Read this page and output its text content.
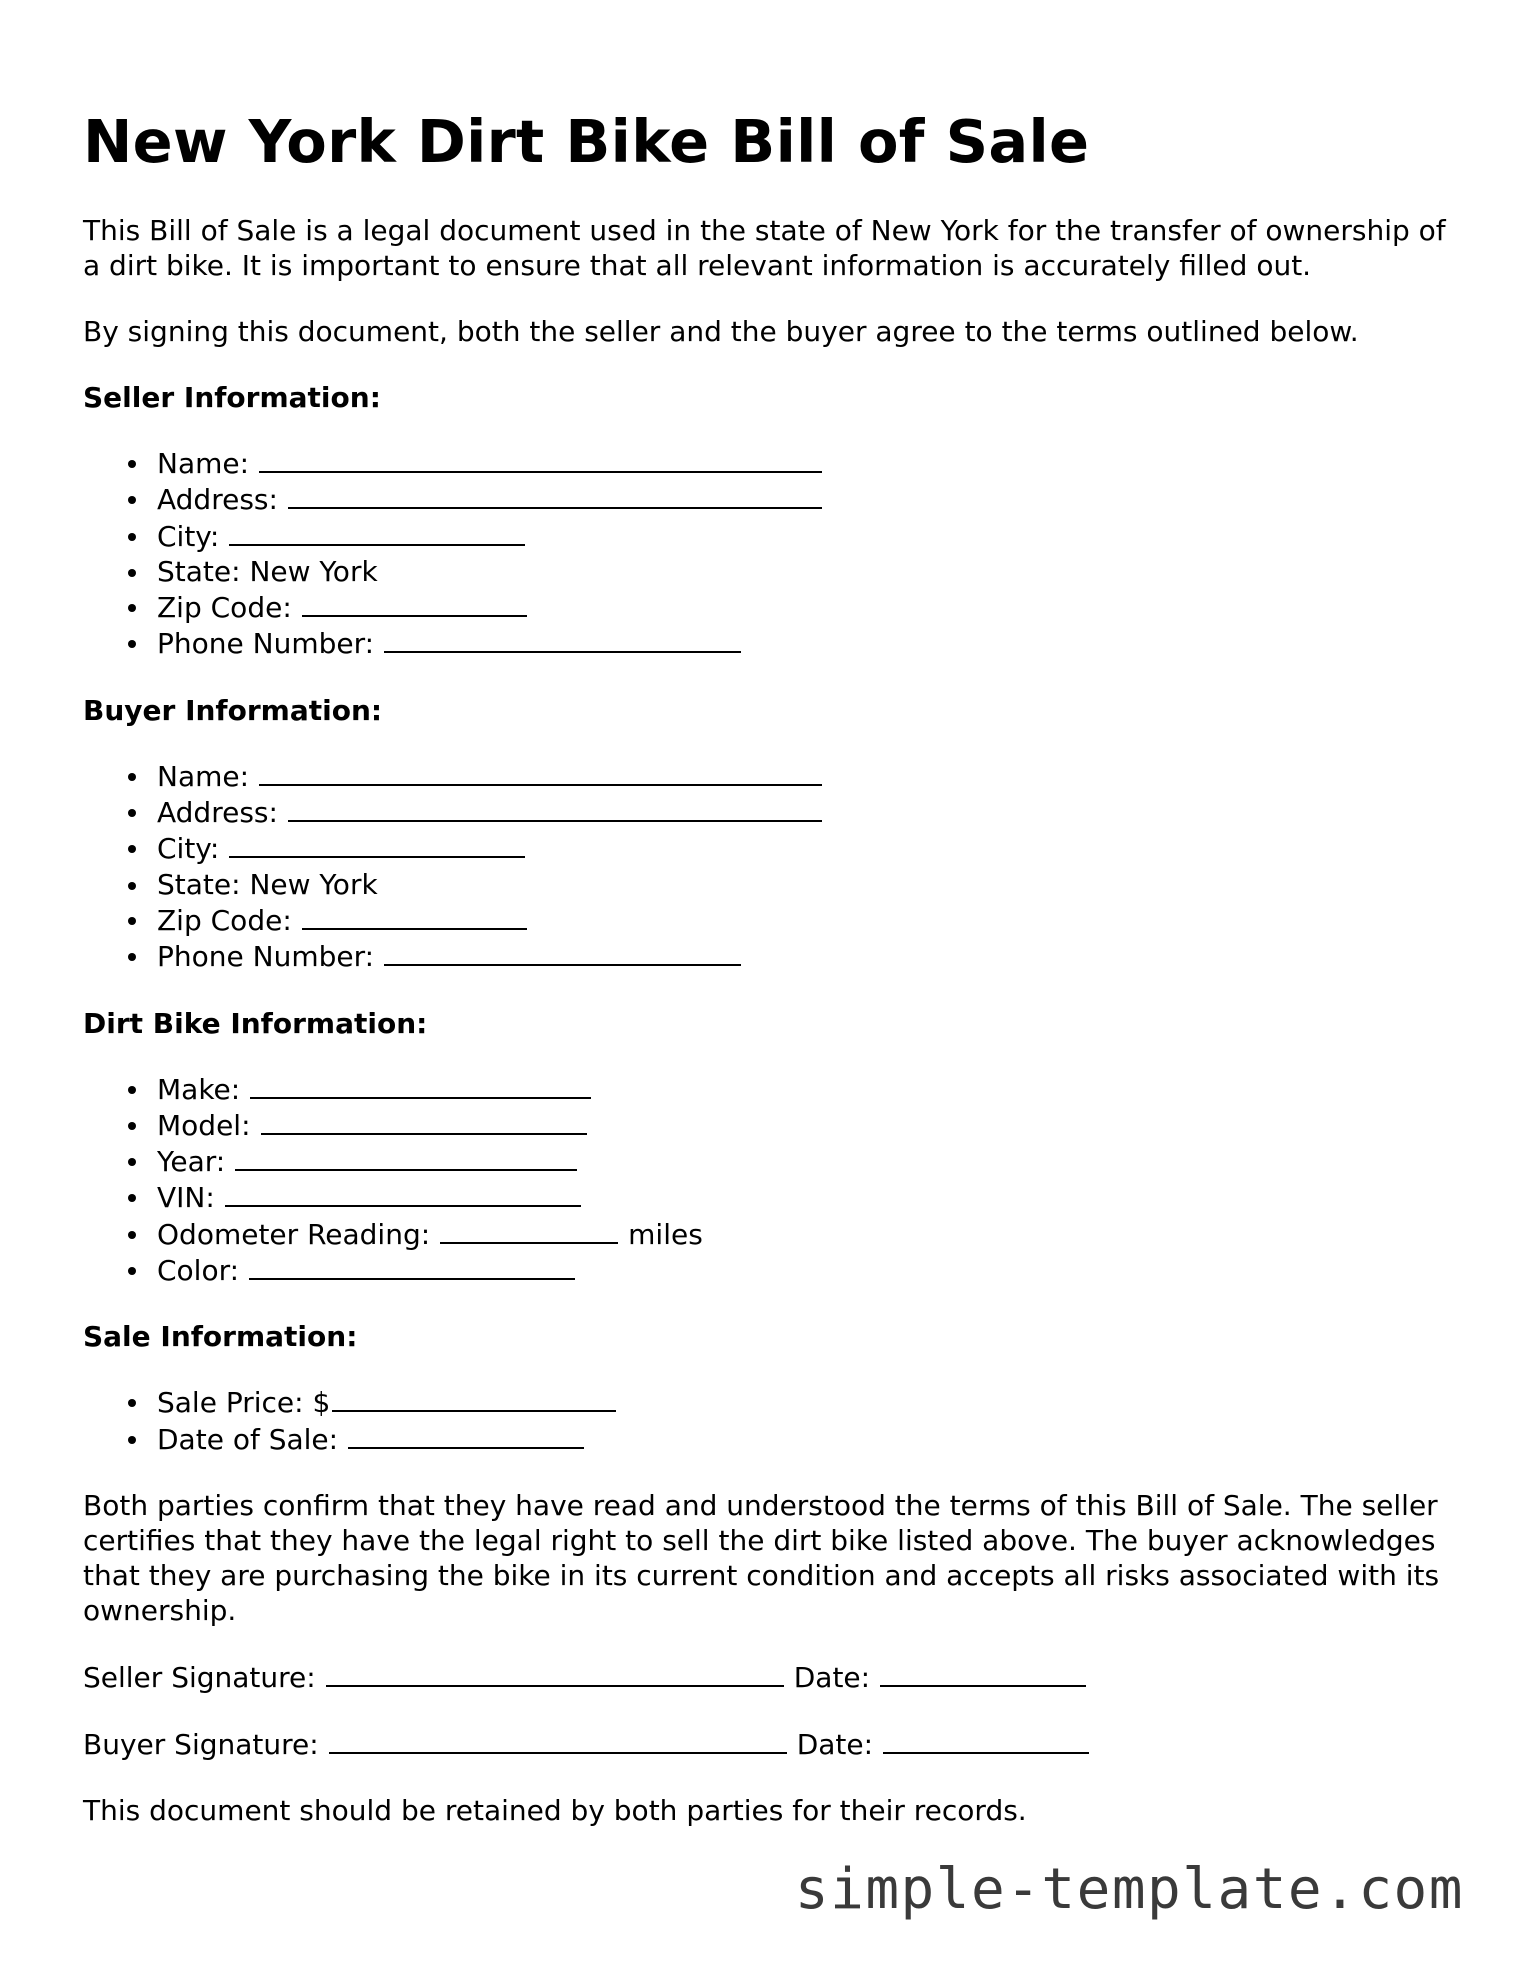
New York Dirt Bike Bill of Sale

This Bill of Sale is a legal document used in the state of New York for the transfer of ownership of a dirt bike. It is important to ensure that all relevant information is accurately filled out.

By signing this document, both the seller and the buyer agree to the terms outlined below.

Seller Information:
Name:
Address:
City:
State: New York
Zip Code:
Phone Number:
Buyer Information:
Name:
Address:
City:
State: New York
Zip Code:
Phone Number:
Dirt Bike Information:
Make:
Model:
Year:
VIN:
Odometer Reading:	miles
Color:
Sale Information:
Sale Price: $
Date of Sale:

Both parties confirm that they have read and understood the terms of this Bill of Sale. The seller certifies that they have the legal right to sell the dirt bike listed above. The buyer acknowledges that they are purchasing the bike in its current condition and accepts all risks associated with its ownership.

Seller Signature:	Date:
Buyer Signature:	Date:

This document should be retained by both parties for their records.

simple-template.com
